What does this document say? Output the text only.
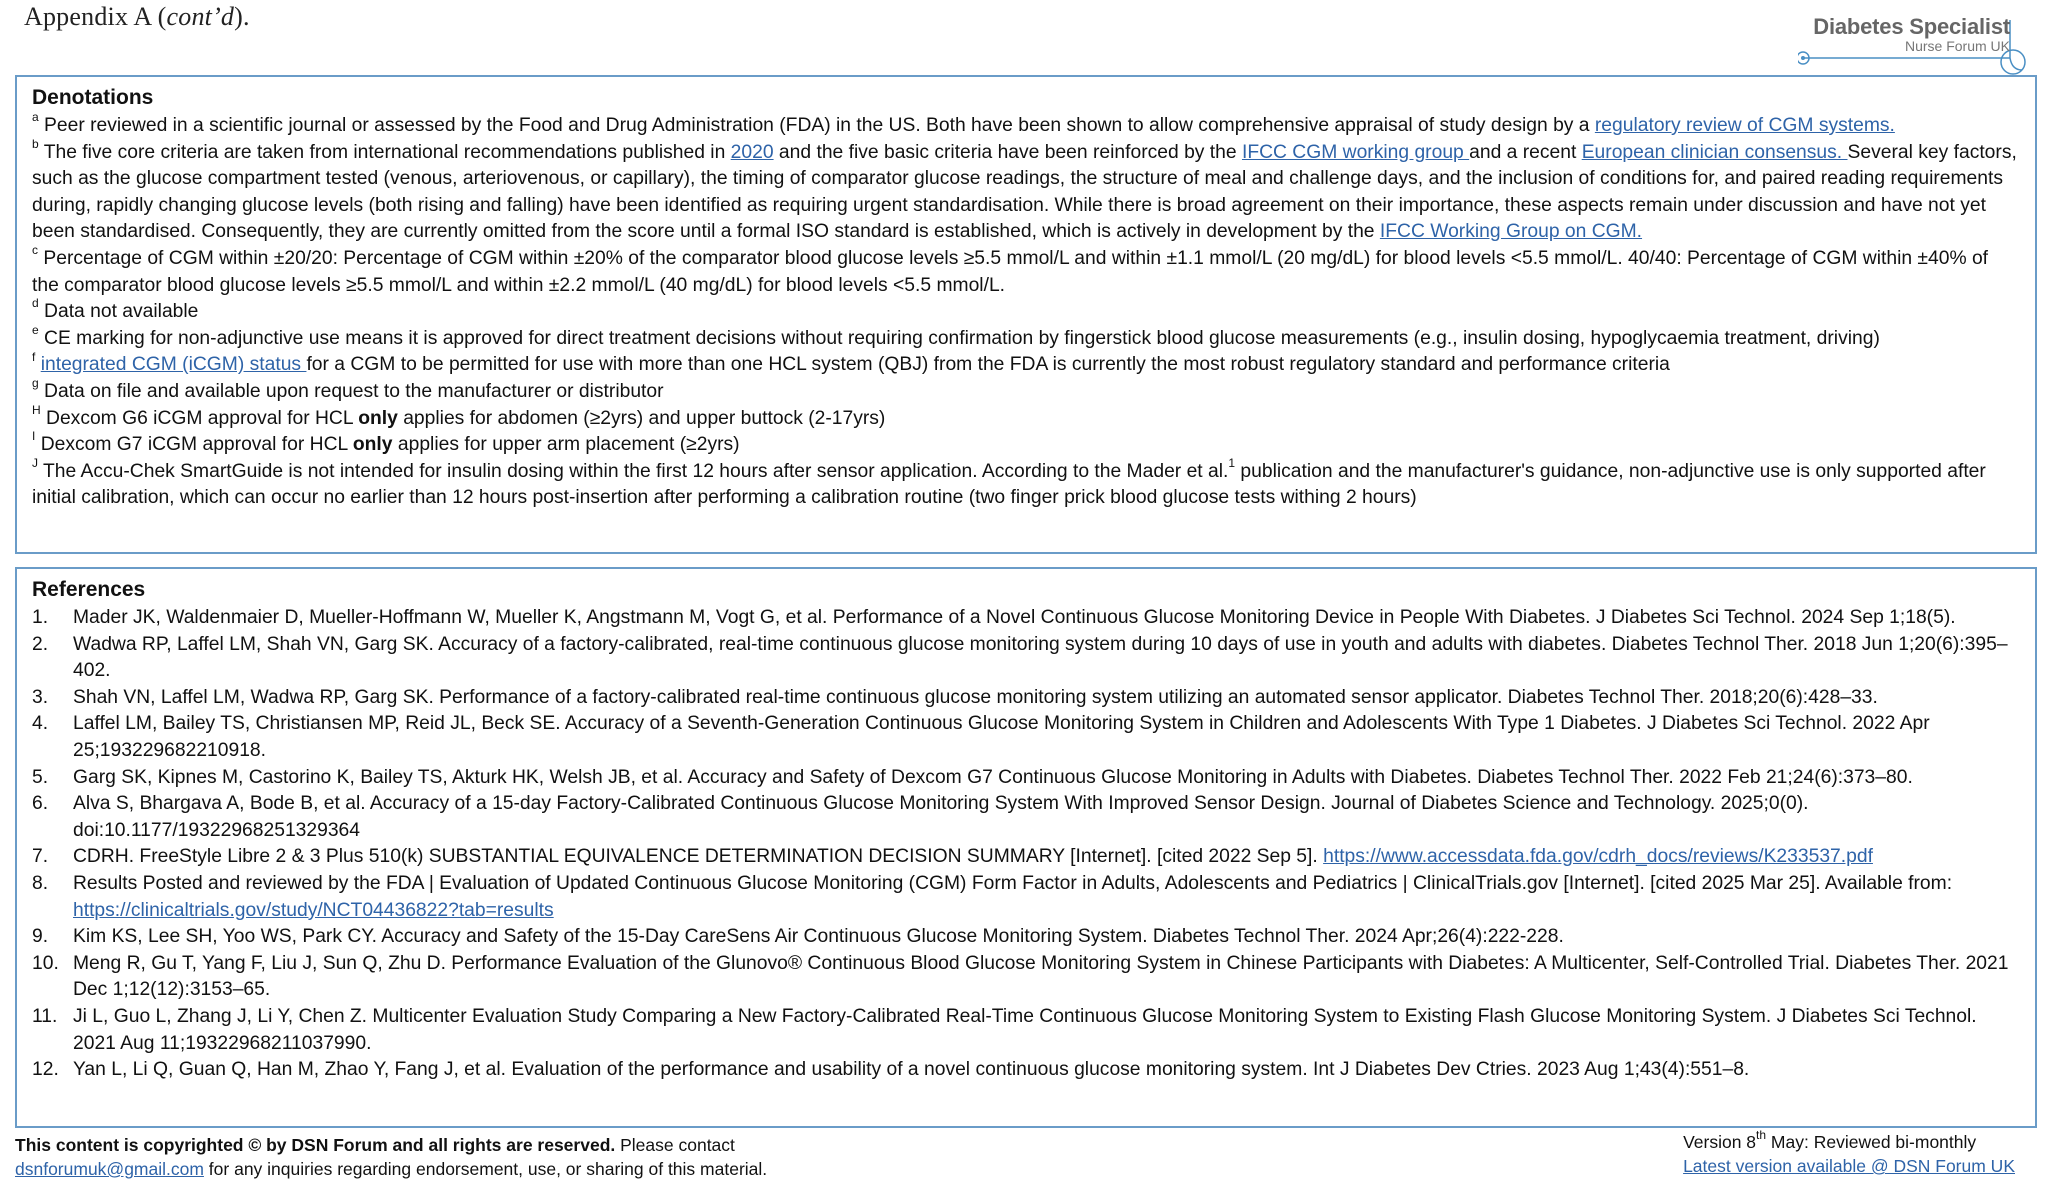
Appendix A (cont’d).	Diabetes Specialist
Nurse Forum UK
Denotations

$^a$ Peer reviewed in a scientific journal or assessed by the Food and Drug Administration (FDA) in the US. Both have been shown to allow comprehensive appraisal of study design by a regulatory review of CGM systems.

$^b$ The five core criteria are taken from international recommendations published in 2020 and the five basic criteria have been reinforced by the IFCC CGM working group and a recent European clinician consensus. Several key factors, such as the glucose compartment tested (venous, arteriovenous, or capillary), the timing of comparator glucose readings, the structure of meal and challenge days, and the inclusion of conditions for, and paired reading requirements during, rapidly changing glucose levels (both rising and falling) have been identified as requiring urgent standardisation. While there is broad agreement on their importance, these aspects remain under discussion and have not yet been standardised. Consequently, they are currently omitted from the score until a formal ISO standard is established, which is actively in development by the IFCC Working Group on CGM.

$^c$ Percentage of CGM within ±20/20: Percentage of CGM within ±20% of the comparator blood glucose levels ≥5.5 mmol/L and within ±1.1 mmol/L (20 mg/dL) for blood levels <5.5 mmol/L. 40/40: Percentage of CGM within ±40% of the comparator blood glucose levels ≥5.5 mmol/L and within ±2.2 mmol/L (40 mg/dL) for blood levels <5.5 mmol/L.

$^d$ Data not available

$^e$ CE marking for non-adjunctive use means it is approved for direct treatment decisions without requiring confirmation by fingerstick blood glucose measurements (e.g., insulin dosing, hypoglycaemia treatment, driving)

$^f$ integrated CGM (iCGM) status for a CGM to be permitted for use with more than one HCL system (QBJ) from the FDA is currently the most robust regulatory standard and performance criteria

$^g$ Data on file and available upon request to the manufacturer or distributor

$^H$ Dexcom G6 iCGM approval for HCL only applies for abdomen (≥2yrs) and upper buttock (2-17yrs)

$^I$ Dexcom G7 iCGM approval for HCL only applies for upper arm placement (≥2yrs)

$^J$ The Accu-Chek SmartGuide is not intended for insulin dosing within the first 12 hours after sensor application. According to the Mader et al.$^1$ publication and the manufacturer's guidance, non-adjunctive use is only supported after initial calibration, which can occur no earlier than 12 hours post-insertion after performing a calibration routine (two finger prick blood glucose tests withing 2 hours)

References
1.	Mader JK, Waldenmaier D, Mueller-Hoffmann W, Mueller K, Angstmann M, Vogt G, et al. Performance of a Novel Continuous Glucose Monitoring Device in People With Diabetes. J Diabetes Sci Technol. 2024 Sep 1;18(5).
2.	Wadwa RP, Laffel LM, Shah VN, Garg SK. Accuracy of a factory-calibrated, real-time continuous glucose monitoring system during 10 days of use in youth and adults with diabetes. Diabetes Technol Ther. 2018 Jun 1;20(6):395–402.
3.	Shah VN, Laffel LM, Wadwa RP, Garg SK. Performance of a factory-calibrated real-time continuous glucose monitoring system utilizing an automated sensor applicator. Diabetes Technol Ther. 2018;20(6):428–33.
4.	Laffel LM, Bailey TS, Christiansen MP, Reid JL, Beck SE. Accuracy of a Seventh-Generation Continuous Glucose Monitoring System in Children and Adolescents With Type 1 Diabetes. J Diabetes Sci Technol. 2022 Apr 25;193229682210918.
5.	Garg SK, Kipnes M, Castorino K, Bailey TS, Akturk HK, Welsh JB, et al. Accuracy and Safety of Dexcom G7 Continuous Glucose Monitoring in Adults with Diabetes. Diabetes Technol Ther. 2022 Feb 21;24(6):373–80.
6.	Alva S, Bhargava A, Bode B, et al. Accuracy of a 15-day Factory-Calibrated Continuous Glucose Monitoring System With Improved Sensor Design. Journal of Diabetes Science and Technology. 2025;0(0). doi:10.1177/19322968251329364
7.	CDRH. FreeStyle Libre 2 & 3 Plus 510(k) SUBSTANTIAL EQUIVALENCE DETERMINATION DECISION SUMMARY [Internet]. [cited 2022 Sep 5]. https://www.accessdata.fda.gov/cdrh_docs/reviews/K233537.pdf
8.	Results Posted and reviewed by the FDA | Evaluation of Updated Continuous Glucose Monitoring (CGM) Form Factor in Adults, Adolescents and Pediatrics | ClinicalTrials.gov [Internet]. [cited 2025 Mar 25]. Available from: https://clinicaltrials.gov/study/NCT04436822?tab=results
9.	Kim KS, Lee SH, Yoo WS, Park CY. Accuracy and Safety of the 15-Day CareSens Air Continuous Glucose Monitoring System. Diabetes Technol Ther. 2024 Apr;26(4):222-228.
10. Meng R, Gu T, Yang F, Liu J, Sun Q, Zhu D. Performance Evaluation of the Glunovo® Continuous Blood Glucose Monitoring System in Chinese Participants with Diabetes: A Multicenter, Self-Controlled Trial. Diabetes Ther. 2021 Dec 1;12(12):3153–65.
11. Ji L, Guo L, Zhang J, Li Y, Chen Z. Multicenter Evaluation Study Comparing a New Factory-Calibrated Real-Time Continuous Glucose Monitoring System to Existing Flash Glucose Monitoring System. J Diabetes Sci Technol. 2021 Aug 11;19322968211037990.
12. Yan L, Li Q, Guan Q, Han M, Zhao Y, Fang J, et al. Evaluation of the performance and usability of a novel continuous glucose monitoring system. Int J Diabetes Dev Ctries. 2023 Aug 1;43(4):551–8.
This content is copyrighted © by DSN Forum and all rights are reserved. Please contact
dsnforumuk@gmail.com for any inquiries regarding endorsement, use, or sharing of this material.
Version 8th May: Reviewed bi-monthly
Latest version available @ DSN Forum UK
